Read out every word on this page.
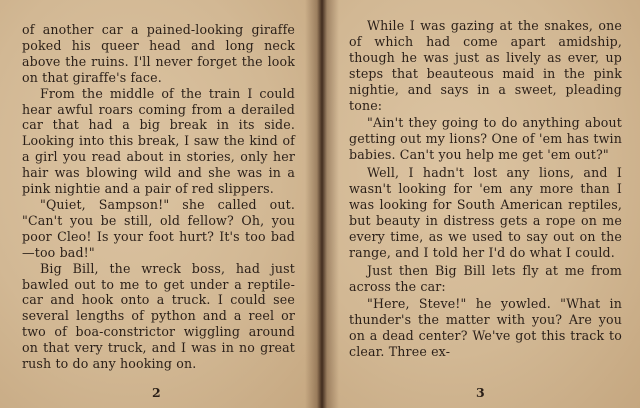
of another car a pained-looking giraffe poked his queer head and long neck above the ruins. I'll never forget the look on that giraffe's face.

From the middle of the train I could hear awful roars coming from a derailed car that had a big break in its side. Looking into this break, I saw the kind of a girl you read about in stories, only her hair was blowing wild and she was in a pink nightie and a pair of red slippers.

"Quiet, Sampson!" she called out. "Can't you be still, old fellow? Oh, you poor Cleo! Is your foot hurt? It's too bad—too bad!"

Big Bill, the wreck boss, had just bawled out to me to get under a reptile-car and hook onto a truck. I could see several lengths of python and a reel or two of boa-constrictor wiggling around on that very truck, and I was in no great rush to do any hooking on.

2

While I was gazing at the snakes, one of which had come apart amidship, though he was just as lively as ever, up steps that beauteous maid in the pink nightie, and says in a sweet, pleading tone:

"Ain't they going to do anything about getting out my lions? One of 'em has twin babies. Can't you help me get 'em out?"

Well, I hadn't lost any lions, and I wasn't looking for 'em any more than I was looking for South American reptiles, but beauty in distress gets a rope on me every time, as we used to say out on the range, and I told her I'd do what I could.

Just then Big Bill lets fly at me from across the car:

"Here, Steve!" he yowled. "What in thunder's the matter with you? Are you on a dead center? We've got this track to clear. Three ex-

3
